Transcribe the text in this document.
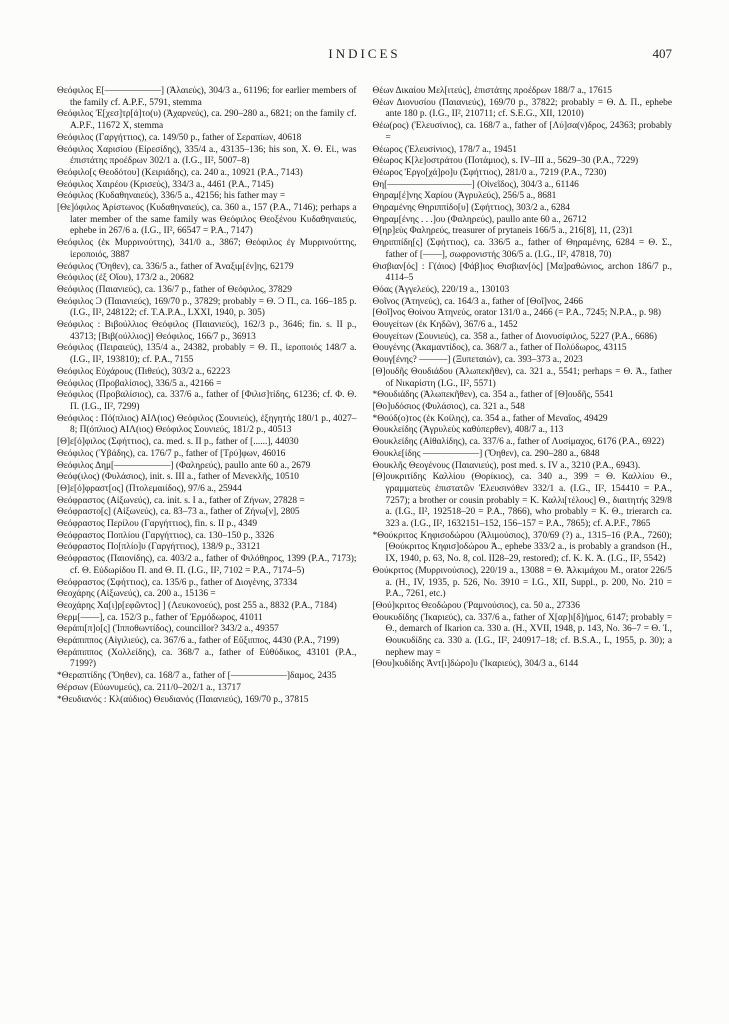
INDICES	407

Θεόφιλος Ε[——————] (Ἁλαιεύς), 304/3 a., 61196; for earlier members of the family cf. A.P.F., 5791, stemma

Θεόφιλος Ἐ[χεσ]τρ[ά]το(υ) (Ἀχαρνεύς), ca. 290–280 a., 6821; on the family cf. A.P.F., 11672 X, stemma

Θεόφιλος (Γαργήττιος), ca. 149/50 p., father of Σεραπίων, 40618

Θεόφιλος Χαρισίου (Εἰρεσίδης), 335/4 a., 43135–136; his son, Χ. Θ. Εἰ., was ἐπιστάτης προέδρων 302/1 a. (I.G., II², 5007–8)

Θεόφιλο[ς Θεοδότου] (Κειριάδης), ca. 240 a., 10921 (P.A., 7143)

Θεόφιλος Χαιρέου (Κρισεύς), 334/3 a., 4461 (P.A., 7145)

Θεόφιλος (Κυδαθηναιεύς), 336/5 a., 42156; his father may =

[Θε]όφιλος Ἀρίστωνος (Κυδαθηναιεύς), ca. 360 a., 157 (P.A., 7146); perhaps a later member of the same family was Θεόφιλος Θεοξένου Κυδαθηναιεύς, ephebe in 267/6 a. (I.G., II², 66547 = P.A., 7147)

Θεόφιλος (ἐκ Μυρρινούττης), 341/0 a., 3867; Θεόφιλος ἐγ Μυρρινούττης, ἱεροποιός, 3887

Θεόφιλος (Ὄηθεν), ca. 336/5 a., father of Ἀναξιμ[έν]ης, 62179

Θεόφιλος (ἐξ Οἴου), 173/2 a., 20682

Θεόφιλος (Παιανιεύς), ca. 136/7 p., father of Θεόφιλος, 37829

Θεόφιλος Ͻ (Παιανιεύς), 169/70 p., 37829; probably = Θ. Ͻ Π., ca. 166–185 p. (I.G., II², 248122; cf. T.A.P.A., LXXI, 1940, p. 305)

Θεόφιλος : Βιβούλλιος Θεόφιλος (Παιανιεύς), 162/3 p., 3646; fin. s. II p., 43713; [Βιβ(ούλλιος)] Θεόφιλος, 166/7 p., 36913

Θεόφιλος (Πειραιεύς), 135/4 a., 24382, probably = Θ. Π., ἱεροποιός 148/7 a. (I.G., II², 193810); cf. P.A., 7155

Θεόφιλος Εὐχάρους (Πιθεύς), 303/2 a., 62223

Θεόφιλος (Προβαλίσιος), 336/5 a., 42166 =

Θεόφιλος (Προβαλίσιος), ca. 337/6 a., father of [Φιλισ]τίδης, 61236; cf. Φ. Θ. Π. (I.G., II², 7299)

Θεόφιλος : Πό(πλιος) ΑΙΛ(ιος) Θεόφιλος (Σουνιεύς), ἐξηγητής 180/1 p., 4027–8; Π(όπλιος) ΑΙΛ(ιος) Θεόφιλος Σουνιεύς, 181/2 p., 40513

[Θ]ε[ό]φιλος (Σφήττιος), ca. med. s. II p., father of [......], 44030

Θεόφιλος (Ὑβάδης), ca. 176/7 p., father of [Τρύ]φων, 46016

Θεόφιλος Δημ[——————] (Φαληρεύς), paullo ante 60 a., 2679

Θεόφ(ιλος) (Φυλάσιος), init. s. III a., father of Μενεκλῆς, 10510

[Θ]ε[ό]φραστ[ος] (Πτολεμαιίδος), 97/6 a., 25944

Θεόφραστος (Αἰξωνεύς), ca. init. s. I a., father of Ζήνων, 27828 =

Θεόφραστο[ς] (Αἰξωνεύς), ca. 83–73 a., father of Ζήνω[ν], 2805

Θεόφραστος Περίλου (Γαργήττιος), fin. s. II p., 4349

Θεόφραστος Ποπλίου (Γαργήττιος), ca. 130–150 p., 3326

Θεόφραστος Πο[πλίο]υ (Γαργήττιος), 138/9 p., 33121

Θεόφραστος (Παιονίδης), ca. 403/2 a., father of Φιλόθηρος, 1399 (P.A., 7173); cf. Θ. Εὐδωρίδου Π. and Θ. Π. (I.G., II², 7102 = P.A., 7174–5)

Θεόφραστος (Σφήττιος), ca. 135/6 p., father of Διογένης, 37334

Θεοχάρης (Αἰξωνεύς), ca. 200 a., 15136 =

Θεοχάρης Χα[ι]ρ[εφῶντος] ] (Λευκονοεύς), post 255 a., 8832 (P.A., 7184)

Θερμ[——], ca. 152/3 p., father of Ἑρμόδωρος, 41011

Θεράπι[π]ο[ς] (Ἱπποθωντίδος), councillor? 343/2 a., 49357

Θεράπιππος (Αἰγιλιεύς), ca. 367/6 a., father of Εὔξιππος, 4430 (P.A., 7199)

Θεράπιππος (Χολλείδης), ca. 368/7 a., father of Εὐθύδικος, 43101 (P.A., 7199?)

*Θεραπτίδης (Ὄηθεν), ca. 168/7 a., father of [——————]δαμος, 2435

Θέρσων (Εὐωνυμεύς), ca. 211/0–202/1 a., 13717

*Θευδιανός : Κλ(αύδιος) Θευδιανός (Παιανιεύς), 169/70 p., 37815

Θέων Δικαίου Μελ[ιτεύς], ἐπιστάτης προέδρων 188/7 a., 17615

Θέων Διονυσίου (Παιανιεύς), 169/70 p., 37822; probably = Θ. Δ. Π., ephebe ante 180 p. (I.G., II², 210711; cf. S.E.G., XII, 12010)

Θέω(ρος) (Ἐλευσίνιος), ca. 168/7 a., father of [Λύ]σα(ν)δρος, 24363; probably =

Θέωρος (Ἐλευσίνιος), 178/7 a., 19451

Θέωρος Κ[λε]οστράτου (Ποτάμιος), s. IV–III a., 5629–30 (P.A., 7229)

Θέωρος Ἐργο[χά]ρο]υ (Σφήττιος), 281/0 a., 7219 (P.A., 7230)

Θη[—————————] (Οἰνεῖδος), 304/3 a., 61146

Θηραμ[έ]νης Χαρίου (Ἀγρυλεύς), 256/5 a., 8681

Θηραμένης Θηριππίδο[υ] (Σφήττιος), 303/2 a., 6284

Θηραμ[ένης . . .]ου (Φαληρεύς), paullo ante 60 a., 26712

Θ[ηρ]εὺς Φαληρεύς, treasurer of prytaneis 166/5 a., 216[8], 11, (23)1

Θηριππίδη[ς] (Σφήττιος), ca. 336/5 a., father of Θηραμένης, 6284 = Θ. Σ., father of [——], σωφρονιστής 306/5 a. (I.G., II², 47818, 70)

Θισβιαν[ός] : Γ(άιος) [Φάβ]ιος Θισβιαν[ός] [Μα]ραθώνιος, archon 186/7 p., 4114–5

Θόας (Ἀγγελεύς), 220/19 a., 130103

Θοῖνος (Ἀτηνεύς), ca. 164/3 a., father of [Θοῖ]νος, 2466

[Θοῖ]νος Θοίνου Ἀτηνεύς, orator 131/0 a., 2466 (= P.A., 7245; N.P.A., p. 98)

Θουγείτων (ἐκ Κηδῶν), 367/6 a., 1452

Θουγείτων (Σουνιεύς), ca. 358 a., father of Διονυσίφιλος, 5227 (P.A., 6686)

Θουγένης (Ἀκαμαντίδος), ca. 368/7 a., father of Πολύδωρος, 43115

Θουγ[ένης? ———] (Ξυπεταιών), ca. 393–373 a., 2023

[Θ]ουδῆς Θουδιάδου (Ἀλωπεκῆθεν), ca. 321 a., 5541; perhaps = Θ. Ἀ., father of Νικαρίστη (I.G., II², 5571)

*Θουδιάδης (Ἀλωπεκῆθεν), ca. 354 a., father of [Θ]ουδῆς, 5541

[Θο]υδόσιος (Φυλάσιος), ca. 321 a., 548

*Θούδ(ο)τος (ἐκ Κοίλης), ca. 354 a., father of Μεναῖος, 49429

Θουκλείδης (Ἀγρυλεὺς καθύπερθεν), 408/7 a., 113

Θουκλείδης (Αἰθαλίδης), ca. 337/6 a., father of Λυσίμαχος, 6176 (P.A., 6922)

Θουκλε[ίδης ——————] (Ὄηθεν), ca. 290–280 a., 6848

Θουκλῆς Θεογένους (Παιανιεύς), post med. s. IV a., 3210 (P.A., 6943).

[Θ]ουκριτίδης Καλλίου (Θορίκιος), ca. 340 a., 399 = Θ. Καλλίου Θ., γραμματεὺς ἐπιστατῶν Ἐλευσινόθεν 332/1 a. (I.G., II², 154410 = P.A., 7257); a brother or cousin probably = Κ. Καλλι[τέλους] Θ., διαιτητής 329/8 a. (I.G., II², 192518–20 = P.A., 7866), who probably = Κ. Θ., trierarch ca. 323 a. (I.G., II², 1632151–152, 156–157 = P.A., 7865); cf. A.P.F., 7865

*Θούκριτος Κηφισοδώρου (Ἁλιμούσιος), 370/69 (?) a., 1315–16 (P.A., 7260); [Θούκριτος Κηφισ]οδώρου Ἁ., ephebe 333/2 a., is probably a grandson (H., IX, 1940, p. 63, No. 8, col. II28–29, restored); cf. Κ. Κ. Ἁ. (I.G., II², 5542)

Θούκριτος (Μυρρινούσιος), 220/19 a., 13088 = Θ. Ἀλκιμάχου Μ., orator 226/5 a. (H., IV, 1935, p. 526, No. 3910 = I.G., XII, Suppl., p. 200, No. 210 = P.A., 7261, etc.)

[Θού]κριτος Θεοδώρου (Ῥαμνούσιος), ca. 50 a., 27336

Θουκυδίδης (Ἰκαριεύς), ca. 337/6 a., father of Χ[αρ]ι[δ]ήμος, 6147; probably = Θ., demarch of Ikarion ca. 330 a. (H., XVII, 1948, p. 143, No. 36–7 = Θ. Ἰ., Θουκυδίδης ca. 330 a. (I.G., II², 240917–18; cf. B.S.A., L, 1955, p. 30); a nephew may =

[Θου]κυδίδης Ἀντ[ι]δώρο]υ (Ἰκαριεύς), 304/3 a., 6144
